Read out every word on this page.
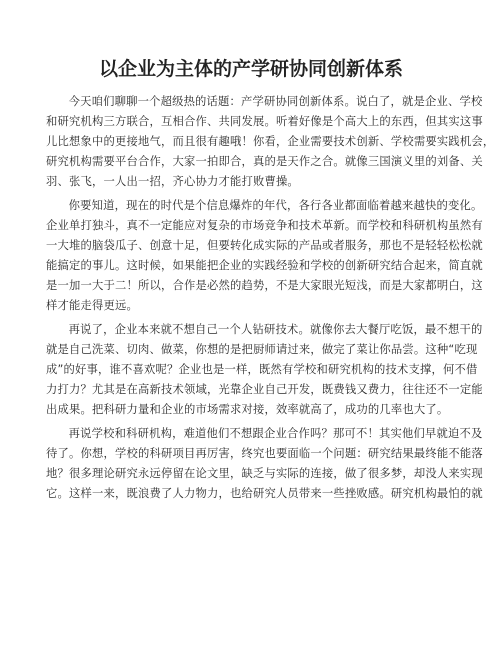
以企业为主体的产学研协同创新体系
今天咱们聊聊一个超级热的话题：产学研协同创新体系。说白了，就是企业、学校
和研究机构三方联合，互相合作、共同发展。听着好像是个高大上的东西，但其实这事
儿比想象中的更接地气，而且很有趣哦！你看，企业需要技术创新、学校需要实践机会，
研究机构需要平台合作，大家一拍即合，真的是天作之合。就像三国演义里的刘备、关
羽、张飞，一人出一招，齐心协力才能打败曹操。
你要知道，现在的时代是个信息爆炸的年代，各行各业都面临着越来越快的变化。
企业单打独斗，真不一定能应对复杂的市场竞争和技术革新。而学校和科研机构虽然有
一大堆的脑袋瓜子、创意十足，但要转化成实际的产品或者服务，那也不是轻轻松松就
能搞定的事儿。这时候，如果能把企业的实践经验和学校的创新研究结合起来，简直就
是一加一大于二！所以，合作是必然的趋势，不是大家眼光短浅，而是大家都明白，这
样才能走得更远。
再说了，企业本来就不想自己一个人钻研技术。就像你去大餐厅吃饭，最不想干的
就是自己洗菜、切肉、做菜，你想的是把厨师请过来，做完了菜让你品尝。这种“吃现
成”的好事，谁不喜欢呢？企业也是一样，既然有学校和研究机构的技术支撑，何不借
力打力？尤其是在高新技术领域，光靠企业自己开发，既费钱又费力，往往还不一定能
出成果。把科研力量和企业的市场需求对接，效率就高了，成功的几率也大了。
再说学校和科研机构，难道他们不想跟企业合作吗？那可不！其实他们早就迫不及
待了。你想，学校的科研项目再厉害，终究也要面临一个问题：研究结果最终能不能落
地？很多理论研究永远停留在论文里，缺乏与实际的连接，做了很多梦，却没人来实现
它。这样一来，既浪费了人力物力，也给研究人员带来一些挫败感。研究机构最怕的就
